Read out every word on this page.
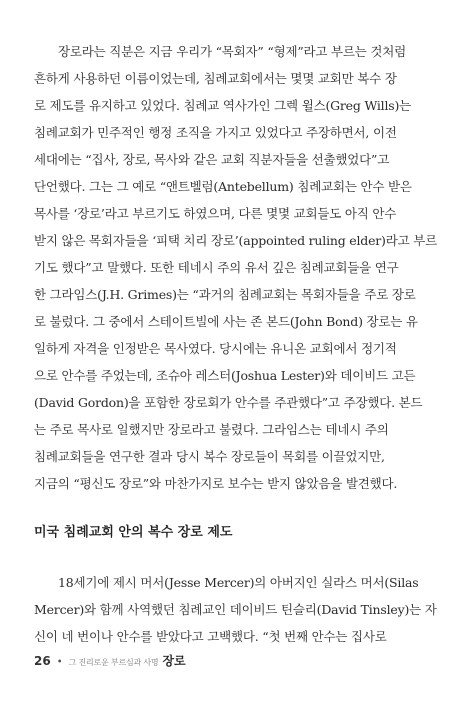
장로라는 직분은 지금 우리가 “목회자” “형제”라고 부르는 것처럼
흔하게 사용하던 이름이었는데, 침례교회에서는 몇몇 교회만 복수 장
로 제도를 유지하고 있었다. 침례교 역사가인 그렉 윌스(Greg Wills)는
침례교회가 민주적인 행정 조직을 가지고 있었다고 주장하면서, 이전
세대에는 “집사, 장로, 목사와 같은 교회 직분자들을 선출했었다”고
단언했다. 그는 그 예로 “앤트벨럼(Antebellum) 침례교회는 안수 받은
목사를 ‘장로’라고 부르기도 하였으며, 다른 몇몇 교회들도 아직 안수
받지 않은 목회자들을 ‘피택 치리 장로’(appointed ruling elder)라고 부르
기도 했다”고 말했다. 또한 테네시 주의 유서 깊은 침례교회들을 연구
한 그라임스(J.H. Grimes)는 “과거의 침례교회는 목회자들을 주로 장로
로 불렀다. 그 중에서 스테이트빌에 사는 존 본드(John Bond) 장로는 유
일하게 자격을 인정받은 목사였다. 당시에는 유니온 교회에서 정기적
으로 안수를 주었는데, 조슈아 레스터(Joshua Lester)와 데이비드 고든
(David Gordon)을 포함한 장로회가 안수를 주관했다”고 주장했다. 본드
는 주로 목사로 일했지만 장로라고 불렸다. 그라임스는 테네시 주의
침례교회들을 연구한 결과 당시 복수 장로들이 목회를 이끌었지만,
지금의 “평신도 장로”와 마찬가지로 보수는 받지 않았음을 발견했다.
미국 침례교회 안의 복수 장로 제도
18세기에 제시 머서(Jesse Mercer)의 아버지인 실라스 머서(Silas
Mercer)와 함께 사역했던 침례교인 데이비드 틴슬리(David Tinsley)는 자
신이 네 번이나 안수를 받았다고 고백했다. “첫 번째 안수는 집사로
26 • 그 진리로운 부르심과 사명 장로
